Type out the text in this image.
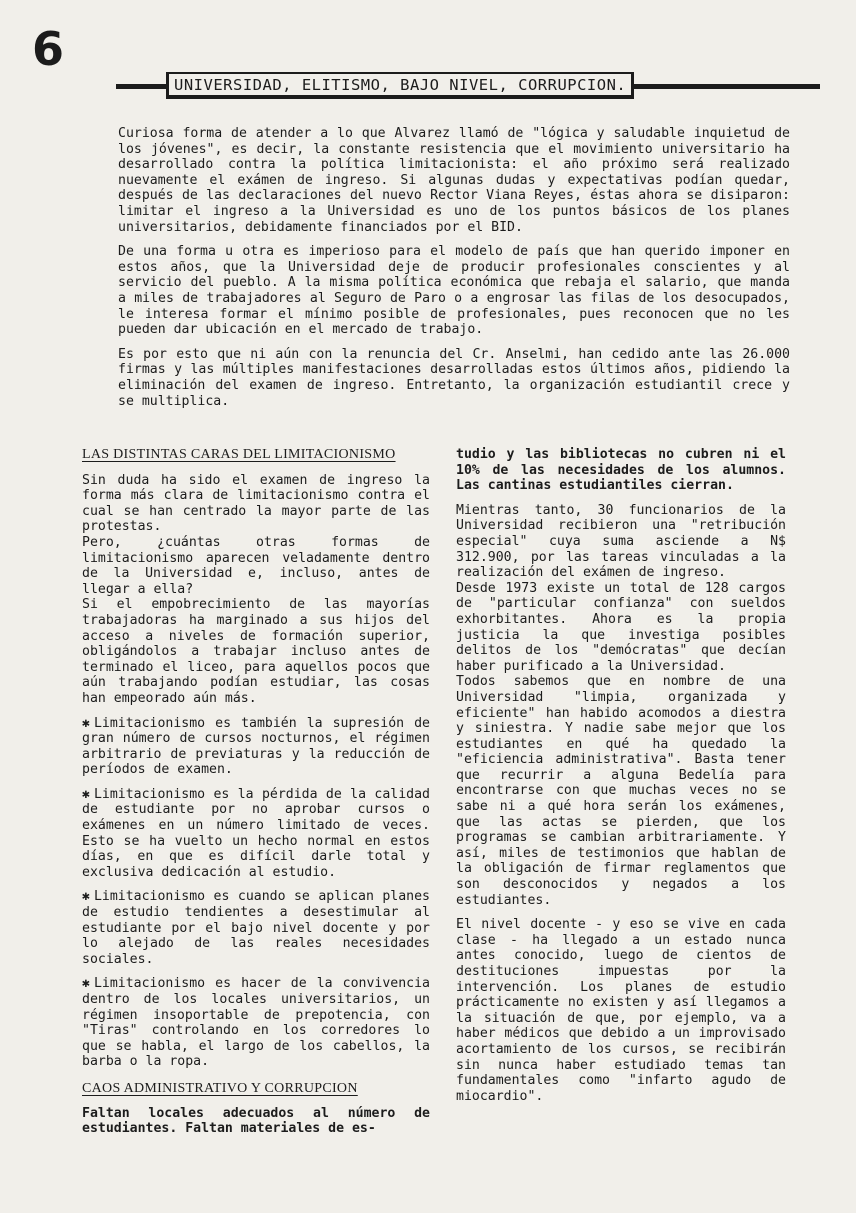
6
UNIVERSIDAD, ELITISMO, BAJO NIVEL, CORRUPCION.

Curiosa forma de atender a lo que Alvarez llamó de "lógica y saludable inquietud de los jóvenes", es decir, la constante resistencia que el movimiento universitario ha desarrollado contra la política limitacionista: el año próximo será realizado nuevamente el exámen de ingreso. Si algunas dudas y expectativas podían quedar, después de las declaraciones del nuevo Rector Viana Reyes, éstas ahora se disiparon: limitar el ingreso a la Universidad es uno de los puntos básicos de los planes universitarios, debidamente financiados por el BID.

De una forma u otra es imperioso para el modelo de país que han querido imponer en estos años, que la Universidad deje de producir profesionales conscientes y al servicio del pueblo. A la misma política económica que rebaja el salario, que manda a miles de trabajadores al Seguro de Paro o a engrosar las filas de los desocupados, le interesa formar el mínimo posible de profesionales, pues reconocen que no les pueden dar ubicación en el mercado de trabajo.

Es por esto que ni aún con la renuncia del Cr. Anselmi, han cedido ante las 26.000 firmas y las múltiples manifestaciones desarrolladas estos últimos años, pidiendo la eliminación del examen de ingreso. Entretanto, la organización estudiantil crece y se multiplica.

LAS DISTINTAS CARAS DEL LIMITACIONISMO

Sin duda ha sido el examen de ingreso la forma más clara de limitacionismo contra el cual se han centrado la mayor parte de las protestas.

Pero, ¿cuántas otras formas de limitacionismo aparecen veladamente dentro de la Universidad e, incluso, antes de llegar a ella?

Si el empobrecimiento de las mayorías trabajadoras ha marginado a sus hijos del acceso a niveles de formación superior, obligándolos a trabajar incluso antes de terminado el liceo, para aquellos pocos que aún trabajando podían estudiar, las cosas han empeorado aún más.

✱ Limitacionismo es también la supresión de gran número de cursos nocturnos, el régimen arbitrario de previaturas y la reducción de períodos de examen.

✱ Limitacionismo es la pérdida de la calidad de estudiante por no aprobar cursos o exámenes en un número limitado de veces. Esto se ha vuelto un hecho normal en estos días, en que es difícil darle total y exclusiva dedicación al estudio.

✱ Limitacionismo es cuando se aplican planes de estudio tendientes a desestimular al estudiante por el bajo nivel docente y por lo alejado de las reales necesidades sociales.

✱ Limitacionismo es hacer de la convivencia dentro de los locales universitarios, un régimen insoportable de prepotencia, con "Tiras" controlando en los corredores lo que se habla, el largo de los cabellos, la barba o la ropa.

CAOS ADMINISTRATIVO Y CORRUPCION

Faltan locales adecuados al número de estudiantes. Faltan materiales de es-

tudio y las bibliotecas no cubren ni el 10% de las necesidades de los alumnos. Las cantinas estudiantiles cierran.

Mientras tanto, 30 funcionarios de la Universidad recibieron una "retribución especial" cuya suma asciende a N$ 312.900, por las tareas vinculadas a la realización del exámen de ingreso.

Desde 1973 existe un total de 128 cargos de "particular confianza" con sueldos exhorbitantes. Ahora es la propia justicia la que investiga posibles delitos de los "demócratas" que decían haber purificado a la Universidad.

Todos sabemos que en nombre de una Universidad "limpia, organizada y eficiente" han habido acomodos a diestra y siniestra. Y nadie sabe mejor que los estudiantes en qué ha quedado la "eficiencia administrativa". Basta tener que recurrir a alguna Bedelía para encontrarse con que muchas veces no se sabe ni a qué hora serán los exámenes, que las actas se pierden, que los programas se cambian arbitrariamente. Y así, miles de testimonios que hablan de la obligación de firmar reglamentos que son desconocidos y negados a los estudiantes.

El nivel docente - y eso se vive en cada clase - ha llegado a un estado nunca antes conocido, luego de cientos de destituciones impuestas por la intervención. Los planes de estudio prácticamente no existen y así llegamos a la situación de que, por ejemplo, va a haber médicos que debido a un improvisado acortamiento de los cursos, se recibirán sin nunca haber estudiado temas tan fundamentales como "infarto agudo de miocardio".
